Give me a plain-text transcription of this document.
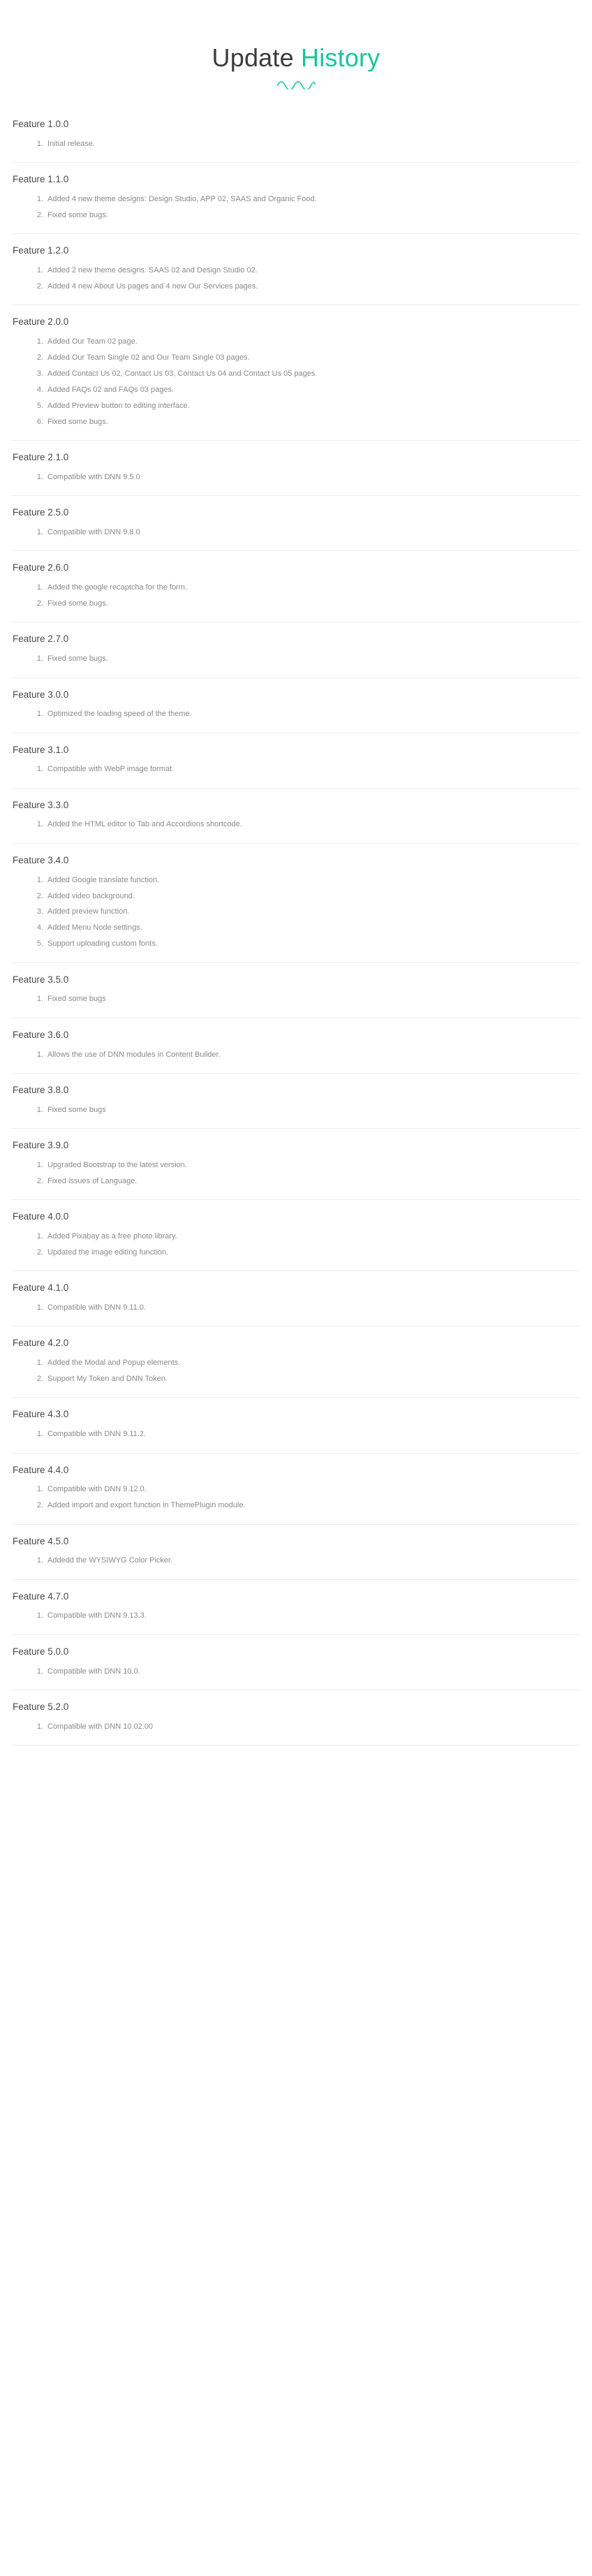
Update History
Feature 1.0.0
Initial release.
Feature 1.1.0
Added 4 new theme designs: Design Studio, APP 02, SAAS and Organic Food.
Fixed some bugs.
Feature 1.2.0
Added 2 new theme designs: SAAS 02 and Design Studio 02.
Added 4 new About Us pages and 4 new Our Services pages.
Feature 2.0.0
Added Our Team 02 page.
Added Our Team Single 02 and Our Team Single 03 pages.
Added Contact Us 02, Contact Us 03, Contact Us 04 and Contact Us 05 pages.
Added FAQs 02 and FAQs 03 pages.
Added Preview button to editing interface.
Fixed some bugs.
Feature 2.1.0
Compatible with DNN 9.5.0
Feature 2.5.0
Compatible with DNN 9.8.0
Feature 2.6.0
Added the google recaptcha for the form.
Fixed some bugs.
Feature 2.7.0
Fixed some bugs.
Feature 3.0.0
Optimized the loading speed of the theme.
Feature 3.1.0
Compatible with WebP image format.
Feature 3.3.0
Added the HTML editor to Tab and Accordions shortcode.
Feature 3.4.0
Added Google translate function.
Added video background.
Added preview function.
Added Menu Node settings.
Support uploading custom fonts.
Feature 3.5.0
Fixed some bugs
Feature 3.6.0
Allows the use of DNN modules in Content Builder.
Feature 3.8.0
Fixed some bugs
Feature 3.9.0
Upgraded Bootstrap to the latest version.
Fixed issues of Language.
Feature 4.0.0
Added Pixabay as a free photo library.
Updated the image editing function.
Feature 4.1.0
Compatible with DNN 9.11.0.
Feature 4.2.0
Added the Modal and Popup elements.
Support My Token and DNN Token.
Feature 4.3.0
Compatible with DNN 9.11.2.
Feature 4.4.0
Compatible with DNN 9.12.0.
Added import and export function in ThemePlugin module.
Feature 4.5.0
Addedd the WYSIWYG Color Picker.
Feature 4.7.0
Compatible with DNN 9.13.3.
Feature 5.0.0
Compatible with DNN 10.0.
Feature 5.2.0
Compatible with DNN 10.02.00
